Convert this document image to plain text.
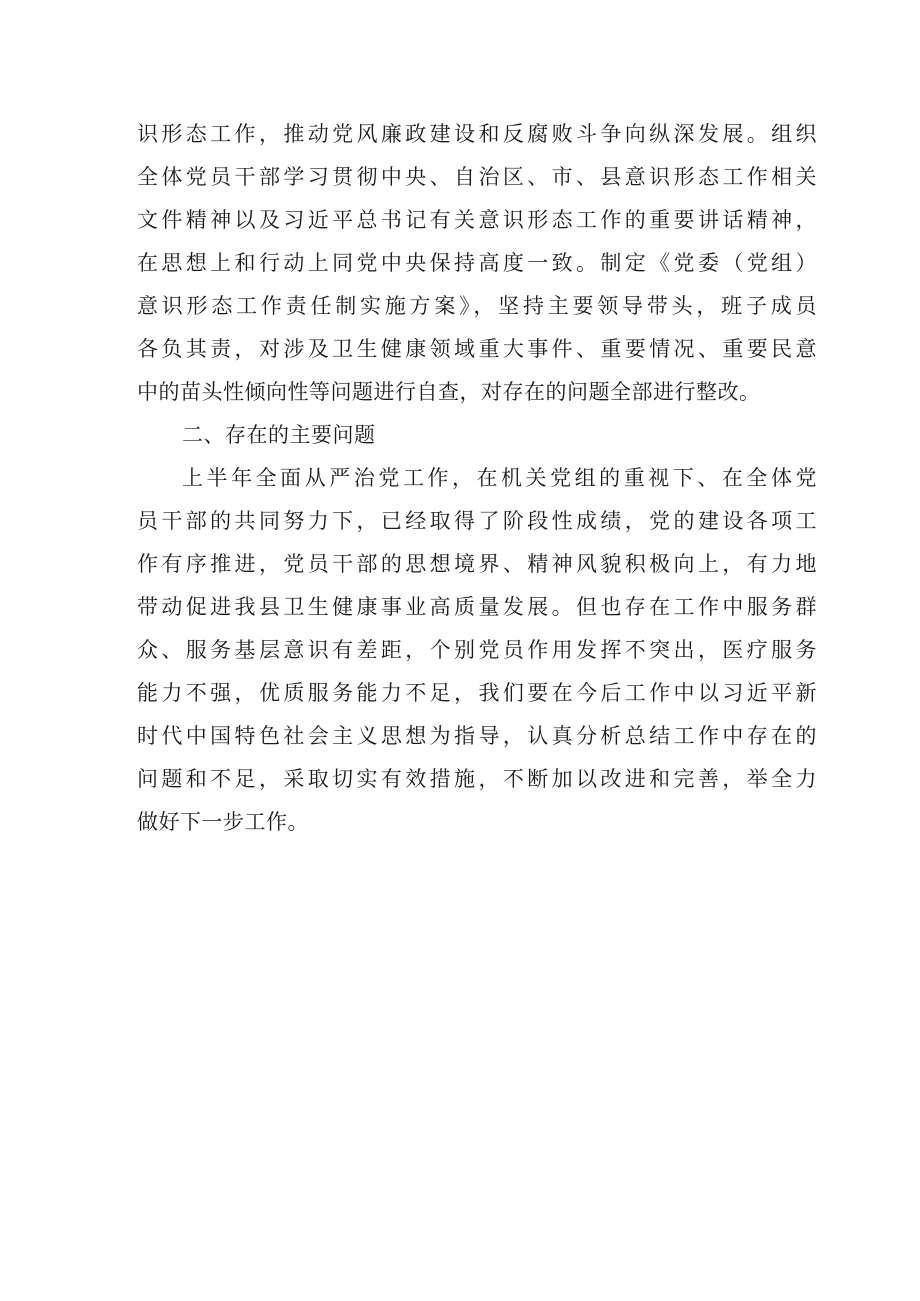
识形态工作，推动党风廉政建设和反腐败斗争向纵深发展。组织
全体党员干部学习贯彻中央、自治区、市、县意识形态工作相关
文件精神以及习近平总书记有关意识形态工作的重要讲话精神，
在思想上和行动上同党中央保持高度一致。制定《党委（党组）
意识形态工作责任制实施方案》，坚持主要领导带头，班子成员
各负其责，对涉及卫生健康领域重大事件、重要情况、重要民意
中的苗头性倾向性等问题进行自查，对存在的问题全部进行整改。
二、存在的主要问题
上半年全面从严治党工作，在机关党组的重视下、在全体党
员干部的共同努力下，已经取得了阶段性成绩，党的建设各项工
作有序推进，党员干部的思想境界、精神风貌积极向上，有力地
带动促进我县卫生健康事业高质量发展。但也存在工作中服务群
众、服务基层意识有差距，个别党员作用发挥不突出，医疗服务
能力不强，优质服务能力不足，我们要在今后工作中以习近平新
时代中国特色社会主义思想为指导，认真分析总结工作中存在的
问题和不足，采取切实有效措施，不断加以改进和完善，举全力
做好下一步工作。
